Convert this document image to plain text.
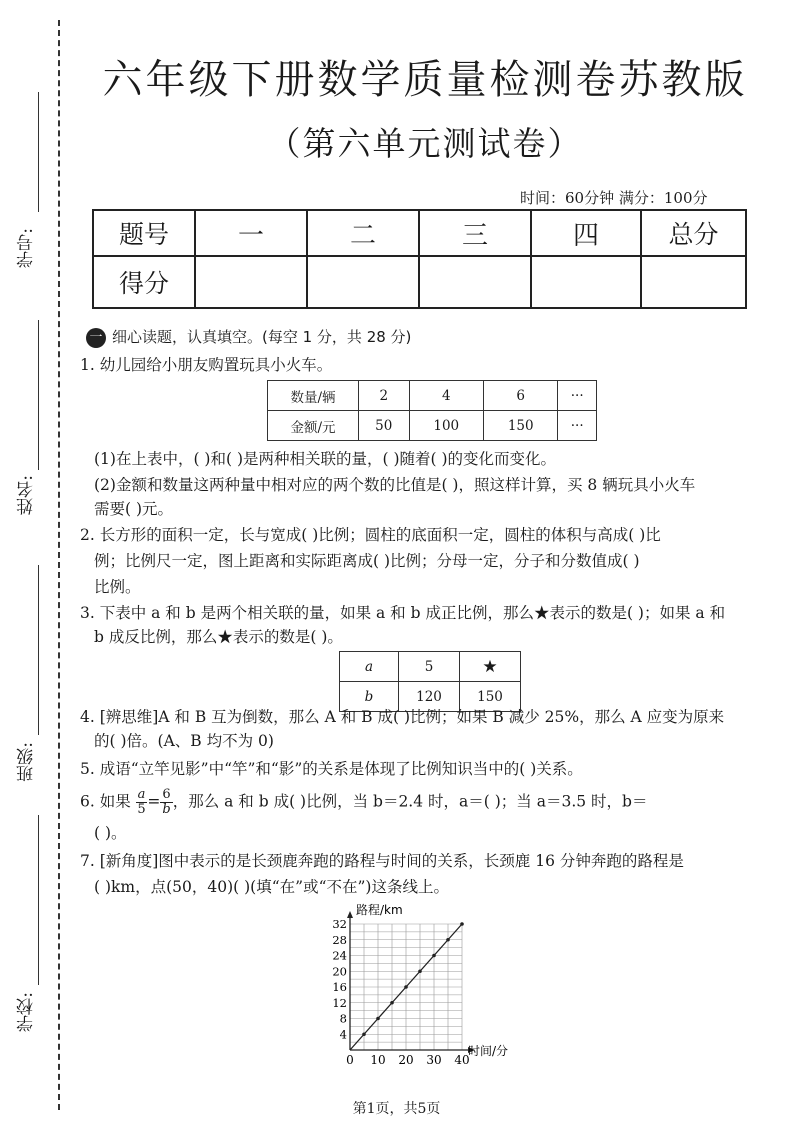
学号:
姓名:
班级:
学校:
六年级下册数学质量检测卷苏教版
（第六单元测试卷）
时间：60分钟 满分：100分
题号	一	二	三	四	总分
得分					
一 细心读题，认真填空。(每空 1 分，共 28 分)
1. 幼儿园给小朋友购置玩具小火车。
数量/辆	2	4	6	···
金额/元	50	100	150	···
(1)在上表中，( )和( )是两种相关联的量，( )随着( )的变化而变化。
(2)金额和数量这两种量中相对应的两个数的比值是( )，照这样计算，买 8 辆玩具小火车
需要( )元。
2. 长方形的面积一定，长与宽成( )比例；圆柱的底面积一定，圆柱的体积与高成( )比
例；比例尺一定，图上距离和实际距离成( )比例；分母一定，分子和分数值成( )
比例。
3. 下表中 a 和 b 是两个相关联的量，如果 a 和 b 成正比例，那么★表示的数是( )；如果 a 和
b 成反比例，那么★表示的数是( )。
a	5	★
b	120	150
4. [辨思维]A 和 B 互为倒数，那么 A 和 B 成( )比例；如果 B 减少 25%，那么 A 应变为原来
的( )倍。(A、B 均不为 0)
5. 成语“立竿见影”中“竿”和“影”的关系是体现了比例知识当中的( )关系。
6. 如果 $\frac{a}{5} = \frac{6}{b}$ ，那么 a 和 b 成( )比例，当 b＝2.4 时，a＝( )；当 a＝3.5 时，b＝
( )。
7. [新角度]图中表示的是长颈鹿奔跑的路程与时间的关系，长颈鹿 16 分钟奔跑的路程是
( )km，点(50，40)( )(填“在”或“不在”)这条线上。
0 10 20 30 40
4
8
12
16
20
24
28
32
路程/km
时间/分
第1页，共5页
